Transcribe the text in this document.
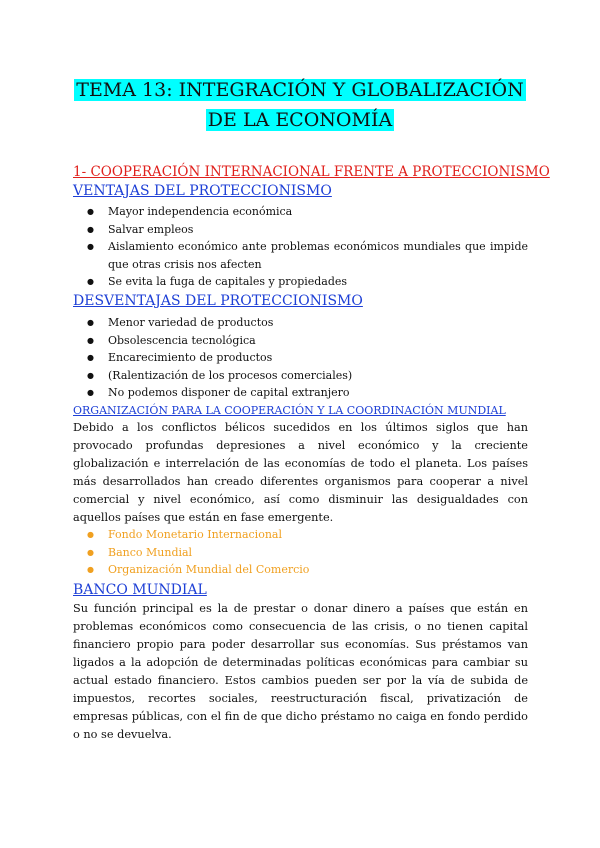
TEMA 13: INTEGRACIÓN Y GLOBALIZACIÓN
DE LA ECONOMÍA
1- COOPERACIÓN INTERNACIONAL FRENTE A PROTECCIONISMO
VENTAJAS DEL PROTECCIONISMO
● Mayor independencia económica
● Salvar empleos
● Aislamiento económico ante problemas económicos mundiales que impide que otras crisis nos afecten
● Se evita la fuga de capitales y propiedades
DESVENTAJAS DEL PROTECCIONISMO
● Menor variedad de productos
● Obsolescencia tecnológica
● Encarecimiento de productos
● (Ralentización de los procesos comerciales)
● No podemos disponer de capital extranjero
ORGANIZACIÓN PARA LA COOPERACIÓN Y LA COORDINACIÓN MUNDIAL

Debido a los conflictos bélicos sucedidos en los últimos siglos que han provocado profundas depresiones a nivel económico y la creciente globalización e interrelación de las economías de todo el planeta. Los países más desarrollados han creado diferentes organismos para cooperar a nivel comercial y nivel económico, así como disminuir las desigualdades con aquellos países que están en fase emergente.

● Fondo Monetario Internacional
● Banco Mundial
● Organización Mundial del Comercio
BANCO MUNDIAL

Su función principal es la de prestar o donar dinero a países que están en problemas económicos como consecuencia de las crisis, o no tienen capital financiero propio para poder desarrollar sus economías. Sus préstamos van ligados a la adopción de determinadas políticas económicas para cambiar su actual estado financiero. Estos cambios pueden ser por la vía de subida de impuestos, recortes sociales, reestructuración fiscal, privatización de empresas públicas, con el fin de que dicho préstamo no caiga en fondo perdido o no se devuelva.
